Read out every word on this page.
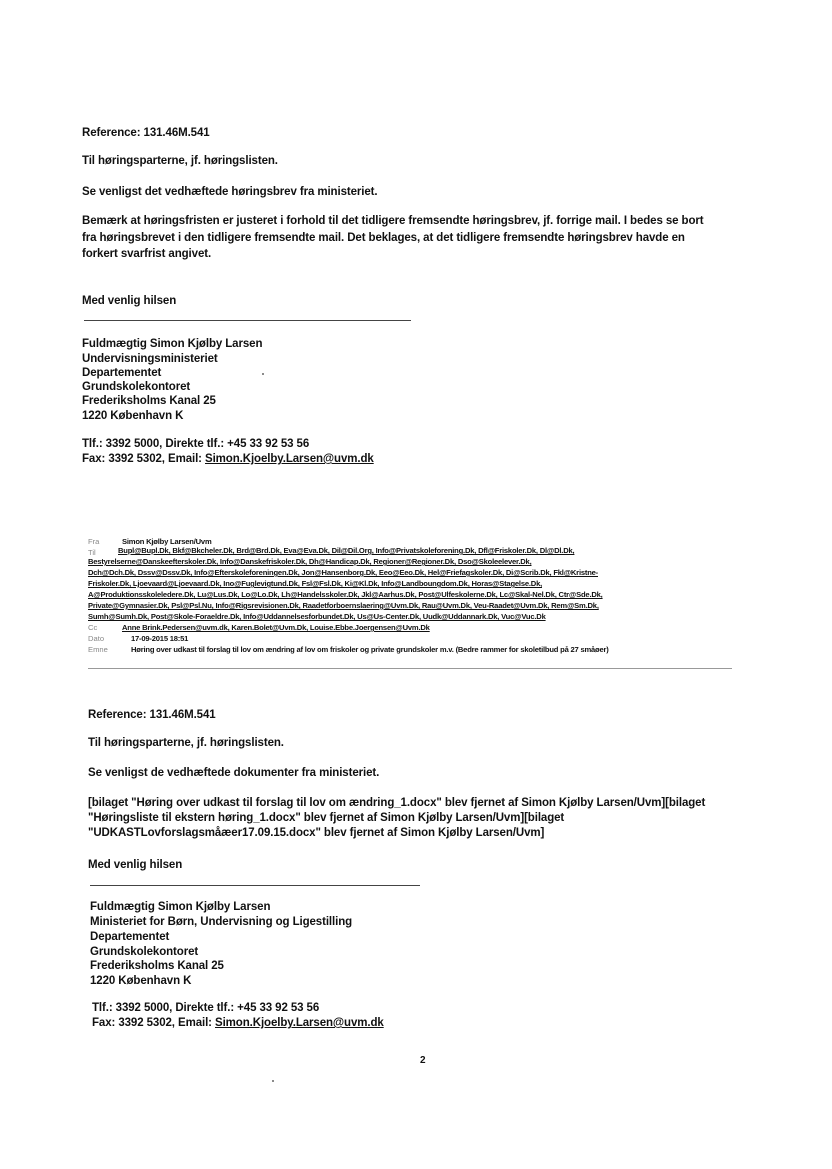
Reference: 131.46M.541
Til høringsparterne, jf. høringslisten.
Se venligst det vedhæftede høringsbrev fra ministeriet.
Bemærk at høringsfristen er justeret i forhold til det tidligere fremsendte høringsbrev, jf. forrige mail. I bedes se bort
fra høringsbrevet i den tidligere fremsendte mail. Det beklages, at det tidligere fremsendte høringsbrev havde en
forkert svarfrist angivet.
Med venlig hilsen
Fuldmægtig Simon Kjølby Larsen
Undervisningsministeriet
Departementet
Grundskolekontoret
Frederiksholms Kanal 25
1220 København K
Tlf.: 3392 5000, Direkte tlf.: +45 33 92 53 56
Fax: 3392 5302, Email: Simon.Kjoelby.Larsen@uvm.dk
Fra	Simon Kjølby Larsen/Uvm
Til	Bupl@Bupl.Dk, Bkf@Bkcheler.Dk, Brd@Brd.Dk, Eva@Eva.Dk, Dil@Dil.Org, Info@Privatskoleforening.Dk, Dfl@Friskoler.Dk, Dl@Dl.Dk,
Bestyrelserne@Danskeefterskoler.Dk, Info@Danskefriskoler.Dk, Dh@Handicap.Dk, Regioner@Regioner.Dk, Dso@Skoleelever.Dk,
Dch@Dch.Dk, Dssv@Dssv.Dk, Info@Efterskoleforeningen.Dk, Jon@Hansenborg.Dk, Eeo@Eeo.Dk, Hel@Friefagskoler.Dk, Di@Scrib.Dk, Fkl@Kristne-
Friskoler.Dk, Ljoevaard@Ljoevaard.Dk, Ino@Fuglevigtund.Dk, Fsl@Fsl.Dk, Ki@Kl.Dk, Info@Landboungdom.Dk, Horas@Stagelse.Dk,
A@Produktionsskoleledere.Dk, Lu@Lus.Dk, Lo@Lo.Dk, Lh@Handelsskoler.Dk, Jkl@Aarhus.Dk, Post@Ulfeskolerne.Dk, Lc@Skal-Nel.Dk, Ctr@Sde.Dk,
Private@Gymnasier.Dk, Psl@Psl.Nu, Info@Rigsrevisionen.Dk, Raadetforboernslaering@Uvm.Dk, Rau@Uvm.Dk, Veu-Raadet@Uvm.Dk, Rem@Sm.Dk,
Sumh@Sumh.Dk, Post@Skole-Foraeldre.Dk, Info@Uddannelsesforbundet.Dk, Us@Us-Center.Dk, Uudk@Uddannark.Dk, Vuc@Vuc.Dk
Cc	Anne Brink.Pedersen@uvm.dk, Karen.Bolet@Uvm.Dk, Louise.Ebbe.Joergensen@Uvm.Dk
Dato	17-09-2015 18:51
Emne	Høring over udkast til forslag til lov om ændring af lov om friskoler og private grundskoler m.v. (Bedre rammer for skoletilbud på 27 småøer)
Reference: 131.46M.541
Til høringsparterne, jf. høringslisten.
Se venligst de vedhæftede dokumenter fra ministeriet.
[bilaget "Høring over udkast til forslag til lov om ændring_1.docx" blev fjernet af Simon Kjølby Larsen/Uvm][bilaget
"Høringsliste til ekstern høring_1.docx" blev fjernet af Simon Kjølby Larsen/Uvm][bilaget
"UDKASTLovforslagsmåæer17.09.15.docx" blev fjernet af Simon Kjølby Larsen/Uvm]
Med venlig hilsen
Fuldmægtig Simon Kjølby Larsen
Ministeriet for Børn, Undervisning og Ligestilling
Departementet
Grundskolekontoret
Frederiksholms Kanal 25
1220 København K
Tlf.: 3392 5000, Direkte tlf.: +45 33 92 53 56
Fax: 3392 5302, Email: Simon.Kjoelby.Larsen@uvm.dk
2
